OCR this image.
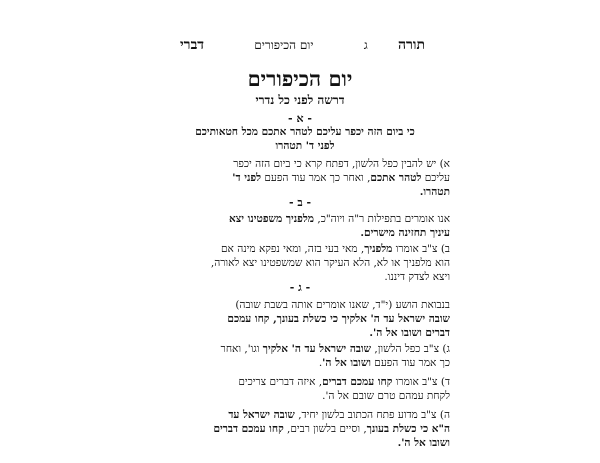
דברי	יום הכיפורים	תורה  ג
יום הכיפורים
דרשה לפני כל נדרי
- א -
כי ביום הזה יכפר עליכם לטהר אתכם מכל חטאותיכם
לפני ד' תטהרו
א) יש להבין כפל הלשון, דפתח קרא כי ביום הזה יכפר
עליכם לטהר אתכם, ואחר כך אמר עוד הפעם לפני ד'
תטהרו.
- ב -
אנו אומרים בתפילות ר"ה ויוה"כ, מלפניך משפטינו יצא
עיניך תחזינה מישרים.
ב) צ"ב אומרו מלפניך, מאי בעי בזה, ומאי נפקא מינה אם
הוא מלפניך או לא, הלא העיקר הוא שמשפטינו יצא לאורה,
ויצא לצדק דיננו.
- ג -
בנבואת הושע (י"ד, שאנו אומרים אותה בשבת שובה)
שובה ישראל עד ה' אלקיך כי כשלת בעונך, קחו עמכם
דברים ושובו אל ה'.
ג) צ"ב כפל הלשון, שובה ישראל עד ה' אלקיך וגו', ואחר
כך אמר עוד הפעם ושובו אל ה'.
ד) צ"ב אומרו קחו עמכם דברים, איזה דברים צריכים
לקחת עמהם טרם שובם אל ה'.
ה) צ"ב מדוע פתח הכתוב בלשון יחיד, שובה ישראל עד
ה"א כי כשלת בעונך, וסיים בלשון רבים, קחו עמכם דברים
ושובו אל ה'.
